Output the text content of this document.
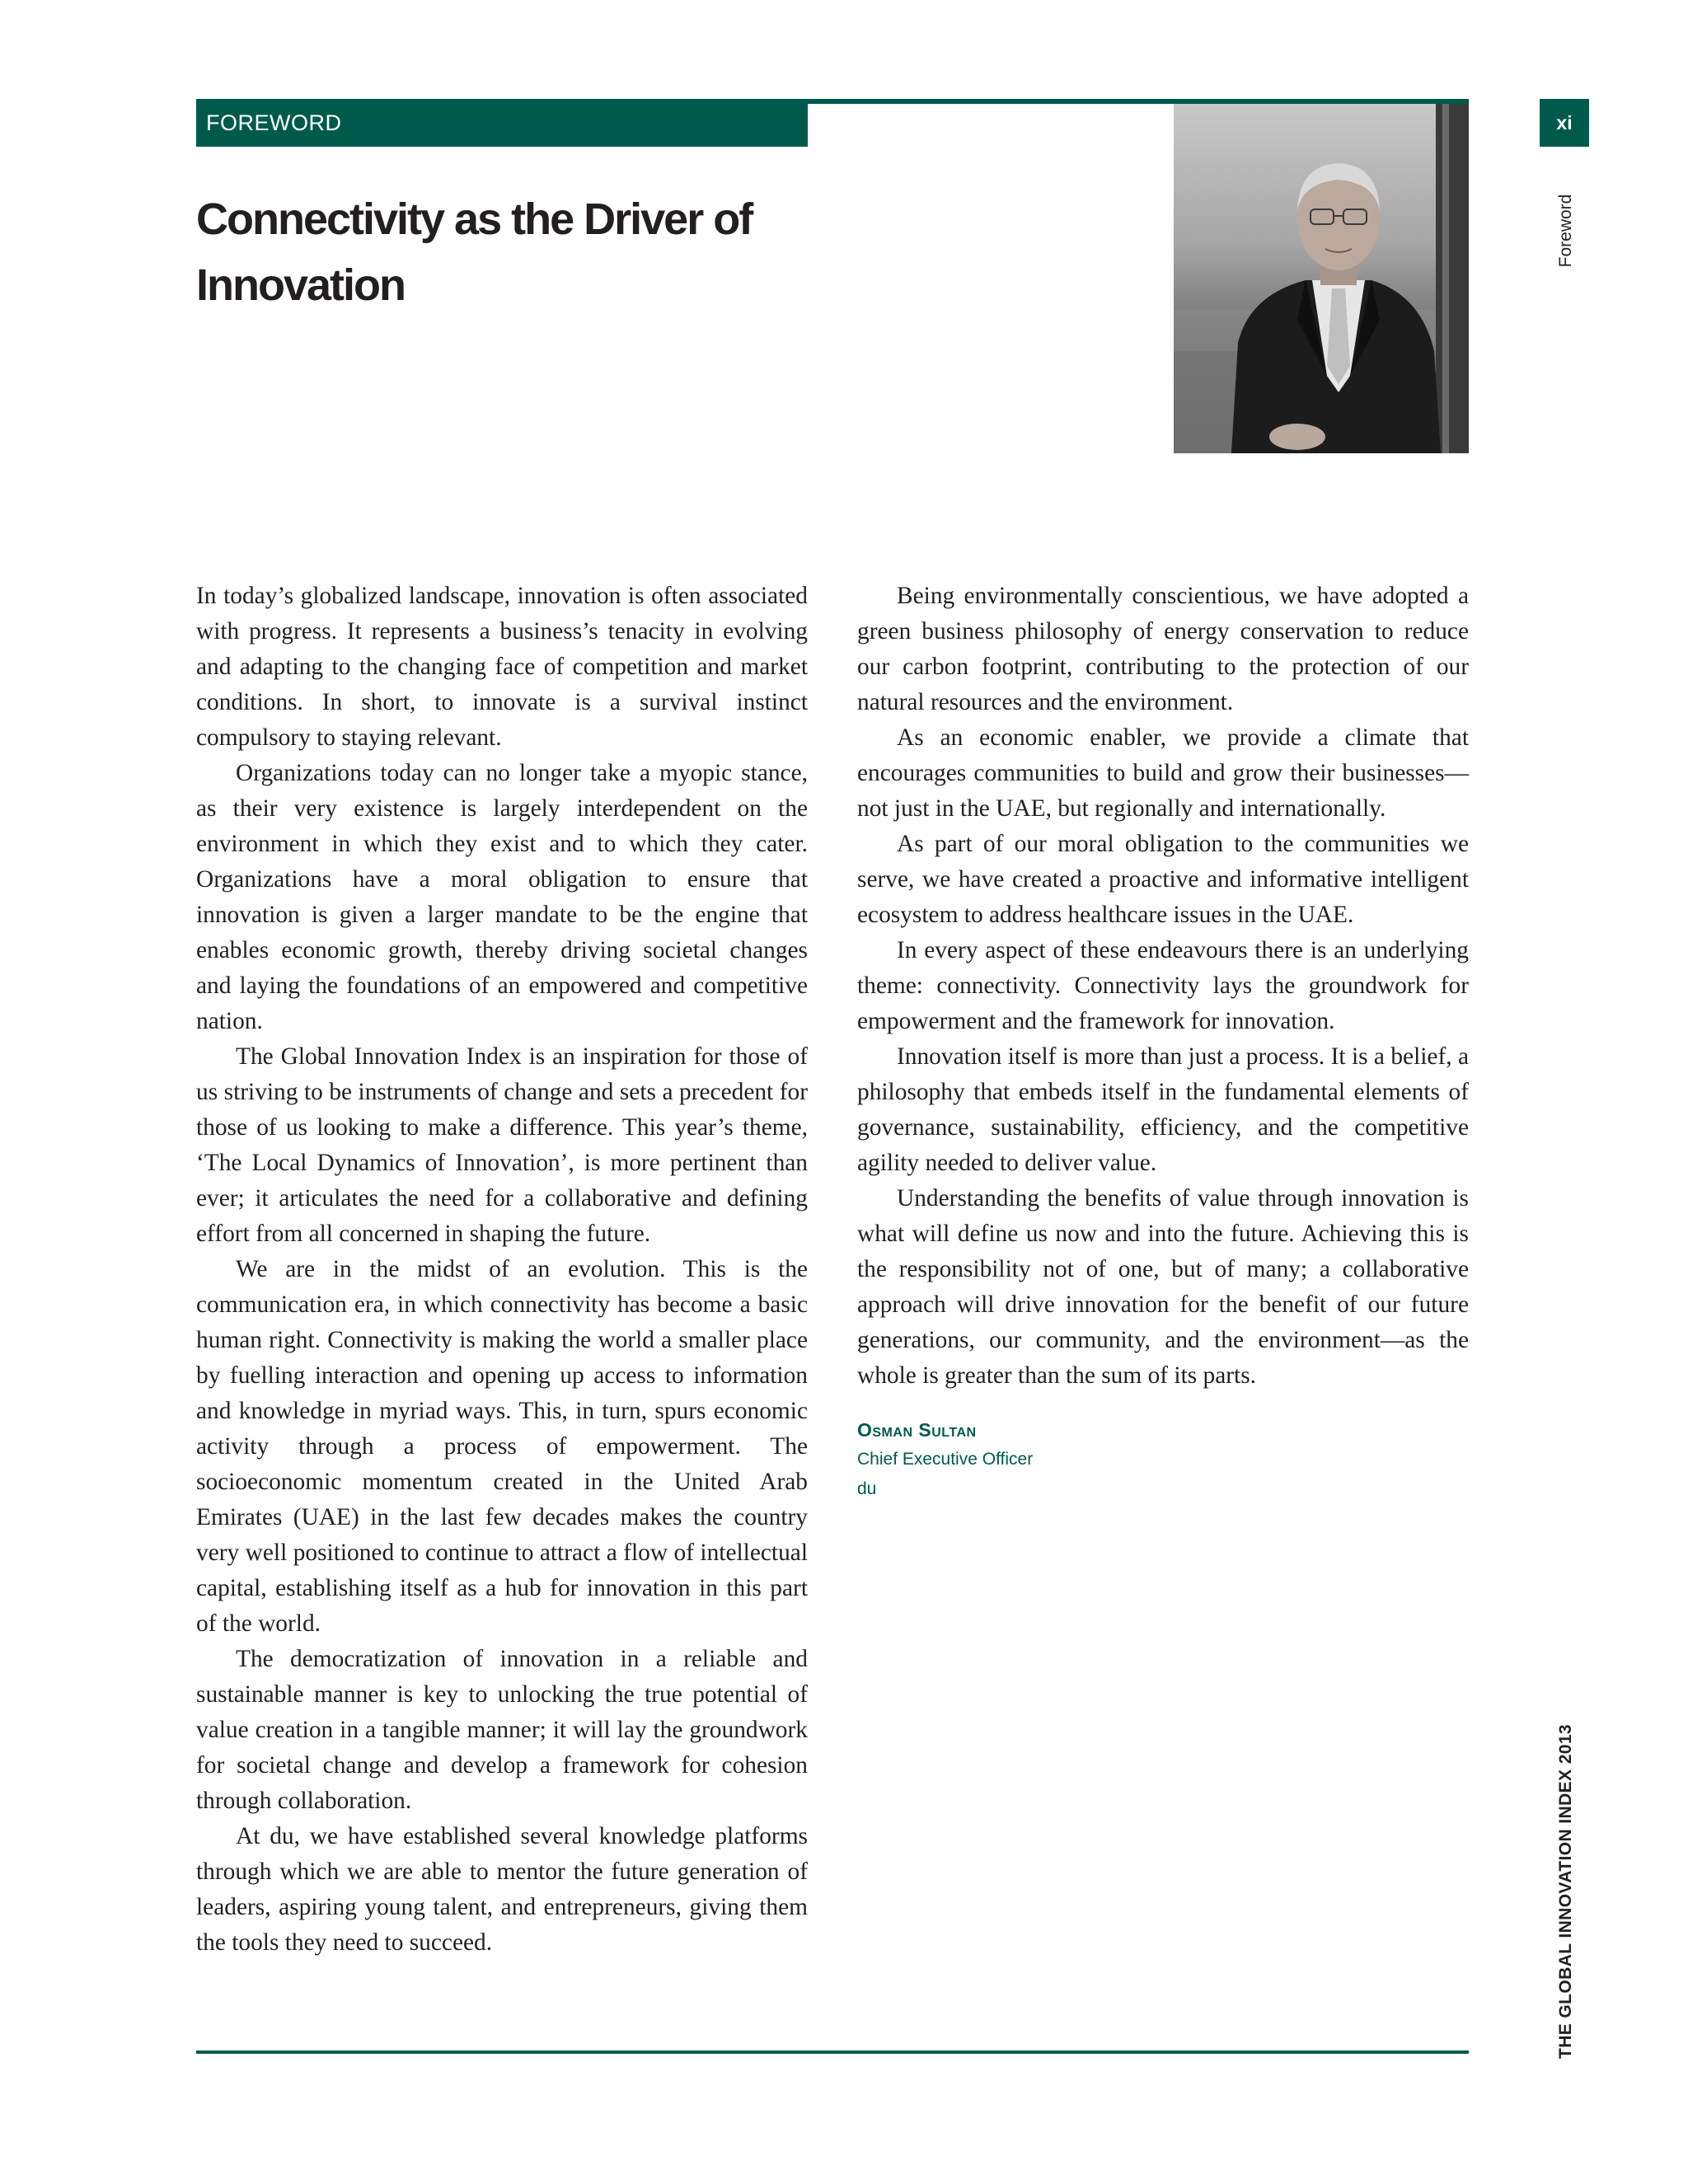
FOREWORD	xi
Foreword
THE GLOBAL INNOVATION INDEX 2013
Connectivity as the Driver of Innovation

In today’s globalized landscape, innovation is often associated with progress. It represents a business’s tenacity in evolving and adapting to the changing face of competition and market conditions. In short, to innovate is a survival instinct compulsory to staying relevant.

Organizations today can no longer take a myopic stance, as their very existence is largely interdependent on the environment in which they exist and to which they cater. Organizations have a moral obligation to ensure that innovation is given a larger mandate to be the engine that enables economic growth, thereby driving societal changes and laying the foundations of an empowered and competitive nation.

The Global Innovation Index is an inspiration for those of us striving to be instruments of change and sets a precedent for those of us looking to make a difference. This year’s theme, ‘The Local Dynamics of Innovation’, is more pertinent than ever; it articulates the need for a collaborative and defining effort from all concerned in shaping the future.

We are in the midst of an evolution. This is the communication era, in which connectivity has become a basic human right. Connectivity is making the world a smaller place by fuelling interaction and opening up access to information and knowledge in myriad ways. This, in turn, spurs economic activity through a process of empowerment. The socioeconomic momentum created in the United Arab Emirates (UAE) in the last few decades makes the country very well positioned to continue to attract a flow of intellectual capital, establishing itself as a hub for innovation in this part of the world.

The democratization of innovation in a reliable and sustainable manner is key to unlocking the true potential of value creation in a tangible manner; it will lay the groundwork for societal change and develop a framework for cohesion through collaboration.

At du, we have established several knowledge platforms through which we are able to mentor the future generation of leaders, aspiring young talent, and entrepreneurs, giving them the tools they need to succeed.

Being environmentally conscientious, we have adopted a green business philosophy of energy conservation to reduce our carbon footprint, contributing to the protection of our natural resources and the environment.

As an economic enabler, we provide a climate that encourages communities to build and grow their businesses—not just in the UAE, but regionally and internationally.

As part of our moral obligation to the communities we serve, we have created a proactive and informative intelligent ecosystem to address healthcare issues in the UAE.

In every aspect of these endeavours there is an underlying theme: connectivity. Connectivity lays the groundwork for empowerment and the framework for innovation.

Innovation itself is more than just a process. It is a belief, a philosophy that embeds itself in the fundamental elements of governance, sustainability, efficiency, and the competitive agility needed to deliver value.

Understanding the benefits of value through innovation is what will define us now and into the future. Achieving this is the responsibility not of one, but of many; a collaborative approach will drive innovation for the benefit of our future generations, our community, and the environment—as the whole is greater than the sum of its parts.

Osman Sultan
Chief Executive Officer
du
